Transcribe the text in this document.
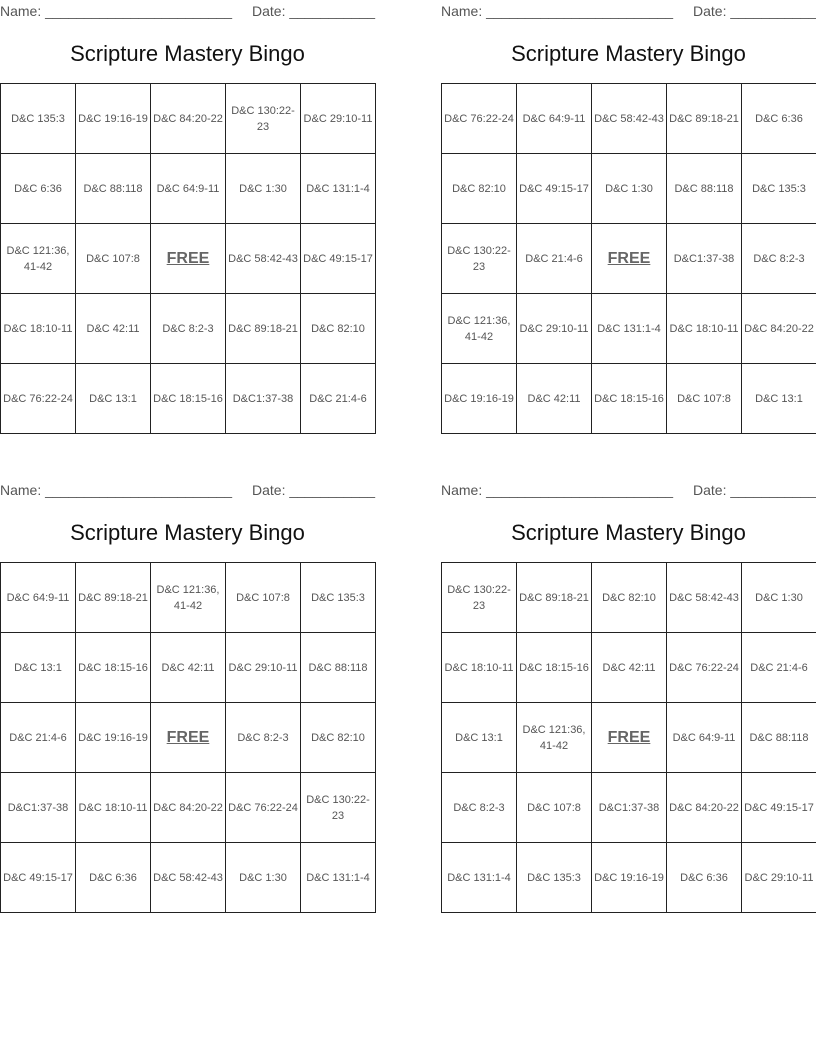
Name: ________________________ Date: ___________
Scripture Mastery Bingo
D&C 135:3	D&C 19:16-19	D&C 84:20-22	D&C 130:22-23	D&C 29:10-11
D&C 6:36	D&C 88:118	D&C 64:9-11	D&C 1:30	D&C 131:1-4
D&C 121:36, 41-42	D&C 107:8	FREE	D&C 58:42-43	D&C 49:15-17
D&C 18:10-11	D&C 42:11	D&C 8:2-3	D&C 89:18-21	D&C 82:10
D&C 76:22-24	D&C 13:1	D&C 18:15-16	D&C1:37-38	D&C 21:4-6
Name: ________________________ Date: ___________
Scripture Mastery Bingo
D&C 76:22-24	D&C 64:9-11	D&C 58:42-43	D&C 89:18-21	D&C 6:36
D&C 82:10	D&C 49:15-17	D&C 1:30	D&C 88:118	D&C 135:3
D&C 130:22-23	D&C 21:4-6	FREE	D&C1:37-38	D&C 8:2-3
D&C 121:36, 41-42	D&C 29:10-11	D&C 131:1-4	D&C 18:10-11	D&C 84:20-22
D&C 19:16-19	D&C 42:11	D&C 18:15-16	D&C 107:8	D&C 13:1
Name: ________________________ Date: ___________
Scripture Mastery Bingo
D&C 64:9-11	D&C 89:18-21	D&C 121:36, 41-42	D&C 107:8	D&C 135:3
D&C 13:1	D&C 18:15-16	D&C 42:11	D&C 29:10-11	D&C 88:118
D&C 21:4-6	D&C 19:16-19	FREE	D&C 8:2-3	D&C 82:10
D&C1:37-38	D&C 18:10-11	D&C 84:20-22	D&C 76:22-24	D&C 130:22-23
D&C 49:15-17	D&C 6:36	D&C 58:42-43	D&C 1:30	D&C 131:1-4
Name: ________________________ Date: ___________
Scripture Mastery Bingo
D&C 130:22-23	D&C 89:18-21	D&C 82:10	D&C 58:42-43	D&C 1:30
D&C 18:10-11	D&C 18:15-16	D&C 42:11	D&C 76:22-24	D&C 21:4-6
D&C 13:1	D&C 121:36, 41-42	FREE	D&C 64:9-11	D&C 88:118
D&C 8:2-3	D&C 107:8	D&C1:37-38	D&C 84:20-22	D&C 49:15-17
D&C 131:1-4	D&C 135:3	D&C 19:16-19	D&C 6:36	D&C 29:10-11
